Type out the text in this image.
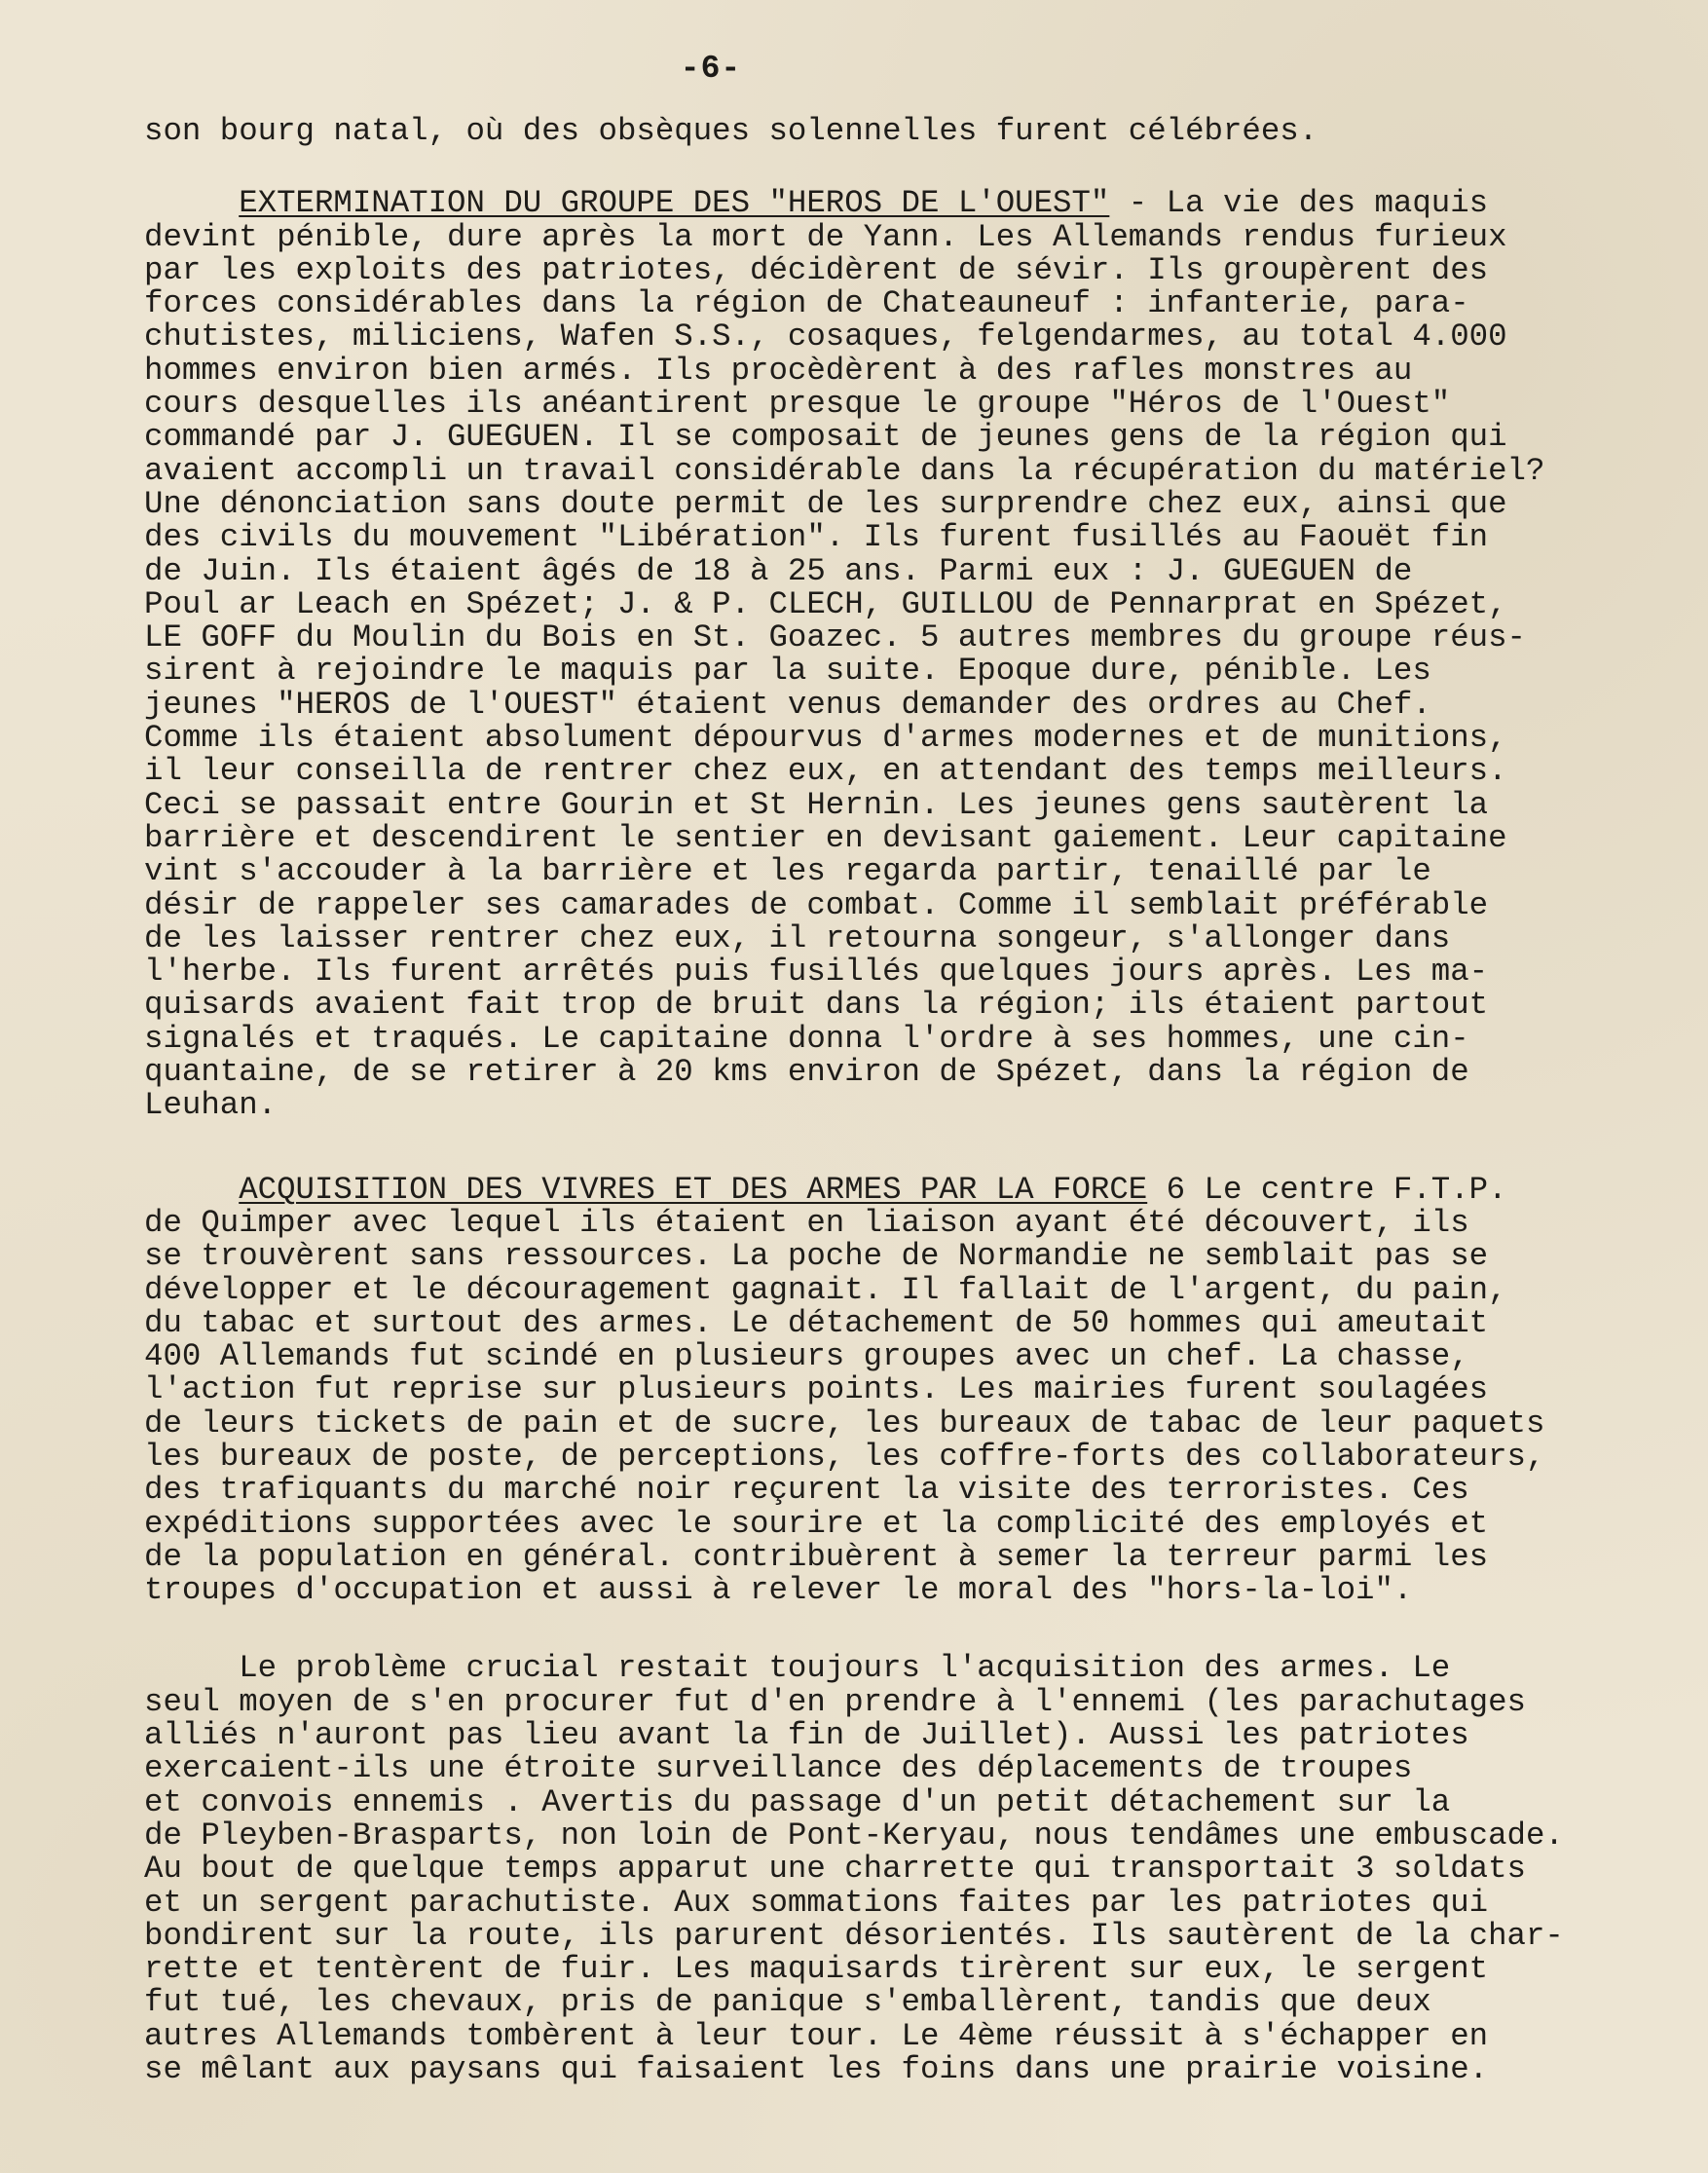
-6-
son bourg natal, où des obsèques solennelles furent célébrées.
EXTERMINATION DU GROUPE DES "HEROS DE L'OUEST" - La vie des maquis
devint pénible, dure après la mort de Yann. Les Allemands rendus furieux
par les exploits des patriotes, décidèrent de sévir. Ils groupèrent des
forces considérables dans la région de Chateauneuf : infanterie, para-
chutistes, miliciens, Wafen S.S., cosaques, felgendarmes, au total 4.000
hommes environ bien armés. Ils procèdèrent à des rafles monstres au
cours desquelles ils anéantirent presque le groupe "Héros de l'Ouest"
commandé par J. GUEGUEN. Il se composait de jeunes gens de la région qui
avaient accompli un travail considérable dans la récupération du matériel?
Une dénonciation sans doute permit de les surprendre chez eux, ainsi que
des civils du mouvement "Libération". Ils furent fusillés au Faouët fin
de Juin. Ils étaient âgés de 18 à 25 ans. Parmi eux : J. GUEGUEN de
Poul ar Leach en Spézet; J. & P. CLECH, GUILLOU de Pennarprat en Spézet,
LE GOFF du Moulin du Bois en St. Goazec. 5 autres membres du groupe réus-
sirent à rejoindre le maquis par la suite. Epoque dure, pénible. Les
jeunes "HEROS de l'OUEST" étaient venus demander des ordres au Chef.
Comme ils étaient absolument dépourvus d'armes modernes et de munitions,
il leur conseilla de rentrer chez eux, en attendant des temps meilleurs.
Ceci se passait entre Gourin et St Hernin. Les jeunes gens sautèrent la
barrière et descendirent le sentier en devisant gaiement. Leur capitaine
vint s'accouder à la barrière et les regarda partir, tenaillé par le
désir de rappeler ses camarades de combat. Comme il semblait préférable
de les laisser rentrer chez eux, il retourna songeur, s'allonger dans
l'herbe. Ils furent arrêtés puis fusillés quelques jours après. Les ma-
quisards avaient fait trop de bruit dans la région; ils étaient partout
signalés et traqués. Le capitaine donna l'ordre à ses hommes, une cin-
quantaine, de se retirer à 20 kms environ de Spézet, dans la région de
Leuhan.
ACQUISITION DES VIVRES ET DES ARMES PAR LA FORCE 6 Le centre F.T.P.
de Quimper avec lequel ils étaient en liaison ayant été découvert, ils
se trouvèrent sans ressources. La poche de Normandie ne semblait pas se
développer et le découragement gagnait. Il fallait de l'argent, du pain,
du tabac et surtout des armes. Le détachement de 50 hommes qui ameutait
400 Allemands fut scindé en plusieurs groupes avec un chef. La chasse,
l'action fut reprise sur plusieurs points. Les mairies furent soulagées
de leurs tickets de pain et de sucre, les bureaux de tabac de leur paquets
les bureaux de poste, de perceptions, les coffre-forts des collaborateurs,
des trafiquants du marché noir reçurent la visite des terroristes. Ces
expéditions supportées avec le sourire et la complicité des employés et
de la population en général. contribuèrent à semer la terreur parmi les
troupes d'occupation et aussi à relever le moral des "hors-la-loi".
Le problème crucial restait toujours l'acquisition des armes. Le
seul moyen de s'en procurer fut d'en prendre à l'ennemi (les parachutages
alliés n'auront pas lieu avant la fin de Juillet). Aussi les patriotes
exercaient-ils une étroite surveillance des déplacements de troupes
et convois ennemis . Avertis du passage d'un petit détachement sur la
de Pleyben-Brasparts, non loin de Pont-Keryau, nous tendâmes une embuscade.
Au bout de quelque temps apparut une charrette qui transportait 3 soldats
et un sergent parachutiste. Aux sommations faites par les patriotes qui
bondirent sur la route, ils parurent désorientés. Ils sautèrent de la char-
rette et tentèrent de fuir. Les maquisards tirèrent sur eux, le sergent
fut tué, les chevaux, pris de panique s'emballèrent, tandis que deux
autres Allemands tombèrent à leur tour. Le 4ème réussit à s'échapper en
se mêlant aux paysans qui faisaient les foins dans une prairie voisine.
